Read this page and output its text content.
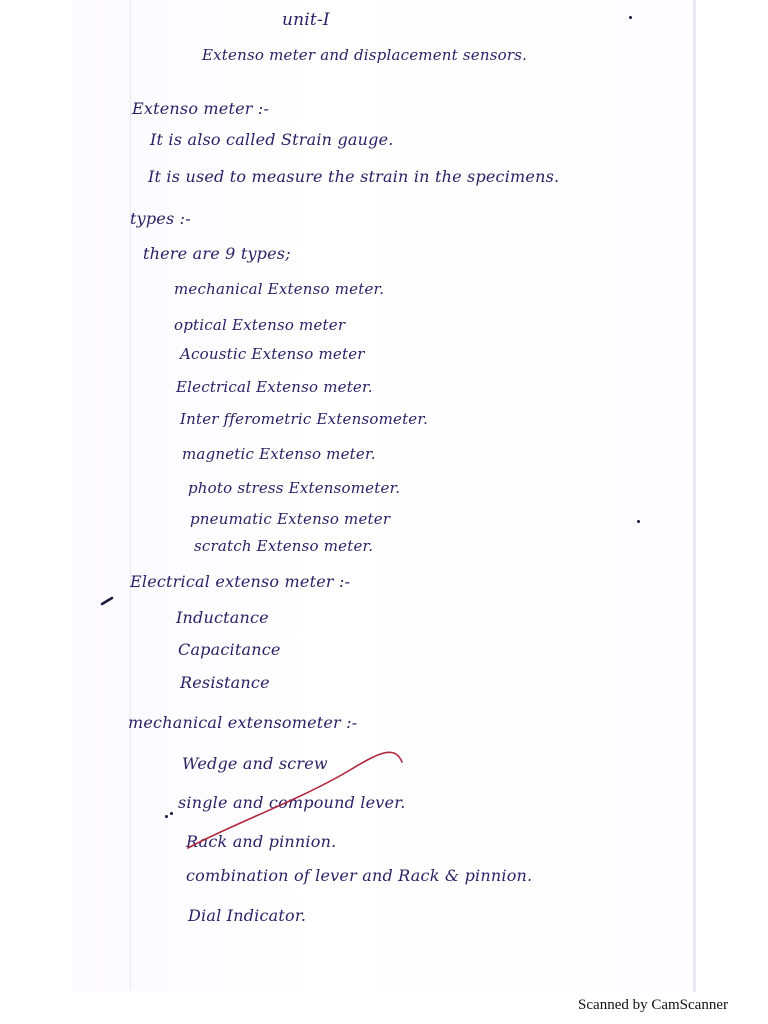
unit-I
Extenso meter and displacement sensors.
Extenso meter :-
It is also called Strain gauge.
It is used to measure the strain in the specimens.
types :-
there are 9 types;
mechanical Extenso meter.
optical Extenso meter
Acoustic Extenso meter
Electrical Extenso meter.
Inter fferometric Extensometer.
magnetic Extenso meter.
photo stress Extensometer.
pneumatic Extenso meter
scratch Extenso meter.
Electrical extenso meter :-
Inductance
Capacitance
Resistance
mechanical extensometer :-
Wedge and screw
single and compound lever.
Rack and pinnion.
combination of lever and Rack & pinnion.
Dial Indicator.
Scanned by CamScanner
